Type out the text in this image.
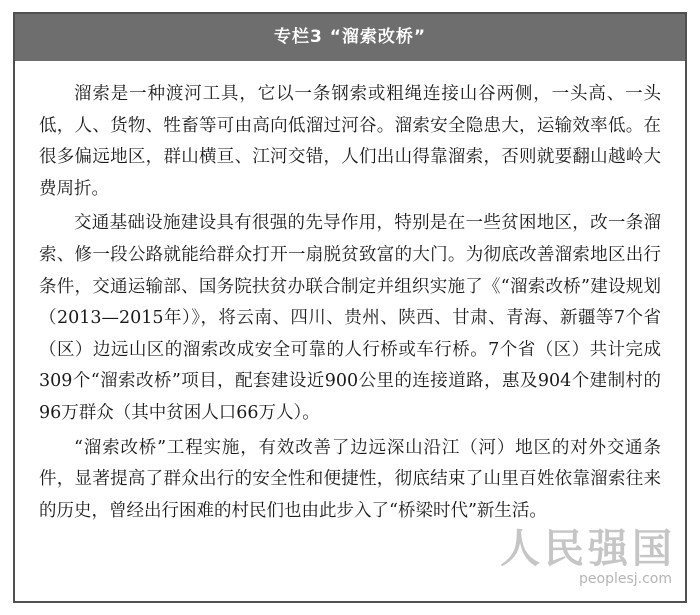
专栏3 “溜索改桥”

溜索是一种渡河工具，它以一条钢索或粗绳连接山谷两侧，一头高、一头低，人、货物、牲畜等可由高向低溜过河谷。溜索安全隐患大，运输效率低。在很多偏远地区，群山横亘、江河交错，人们出山得靠溜索，否则就要翻山越岭大费周折。

交通基础设施建设具有很强的先导作用，特别是在一些贫困地区，改一条溜索、修一段公路就能给群众打开一扇脱贫致富的大门。为彻底改善溜索地区出行条件，交通运输部、国务院扶贫办联合制定并组织实施了《“溜索改桥”建设规划（2013—2015年）》，将云南、四川、贵州、陕西、甘肃、青海、新疆等7个省（区）边远山区的溜索改成安全可靠的人行桥或车行桥。7个省（区）共计完成309个“溜索改桥”项目，配套建设近900公里的连接道路，惠及904个建制村的96万群众（其中贫困人口66万人）。

“溜索改桥”工程实施，有效改善了边远深山沿江（河）地区的对外交通条件，显著提高了群众出行的安全性和便捷性，彻底结束了山里百姓依靠溜索往来的历史，曾经出行困难的村民们也由此步入了“桥梁时代”新生活。

人民强国
peoplesj.com
